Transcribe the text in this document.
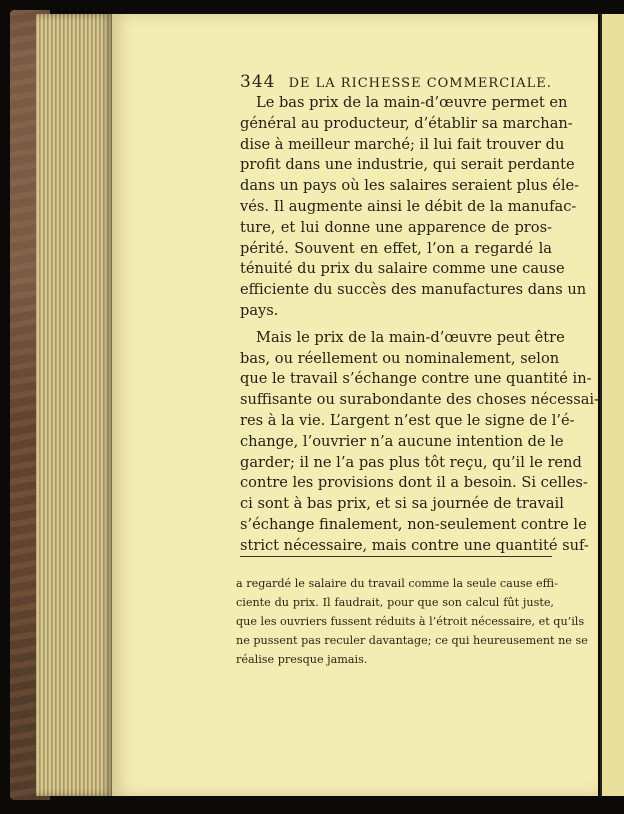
344 DE LA RICHESSE COMMERCIALE.
Le bas prix de la main-d’œuvre permet en
général au producteur, d’établir sa marchan-
dise à meilleur marché; il lui fait trouver du
profit dans une industrie, qui serait perdante
dans un pays où les salaires seraient plus éle-
vés. Il augmente ainsi le débit de la manufac-
ture, et lui donne une apparence de pros-
périté. Souvent en effet, l’on a regardé la
ténuité du prix du salaire comme une cause
efficiente du succès des manufactures dans un
pays.
Mais le prix de la main-d’œuvre peut être
bas, ou réellement ou nominalement, selon
que le travail s’échange contre une quantité in-
suffisante ou surabondante des choses nécessai-
res à la vie. L’argent n’est que le signe de l’é-
change, l’ouvrier n’a aucune intention de le
garder; il ne l’a pas plus tôt reçu, qu’il le rend
contre les provisions dont il a besoin. Si celles-
ci sont à bas prix, et si sa journée de travail
s’échange finalement, non-seulement contre le
strict nécessaire, mais contre une quantité suf-
a regardé le salaire du travail comme la seule cause effi-
ciente du prix. Il faudrait, pour que son calcul fût juste,
que les ouvriers fussent réduits à l’étroit nécessaire, et qu’ils
ne pussent pas reculer davantage; ce qui heureusement ne se
réalise presque jamais.
